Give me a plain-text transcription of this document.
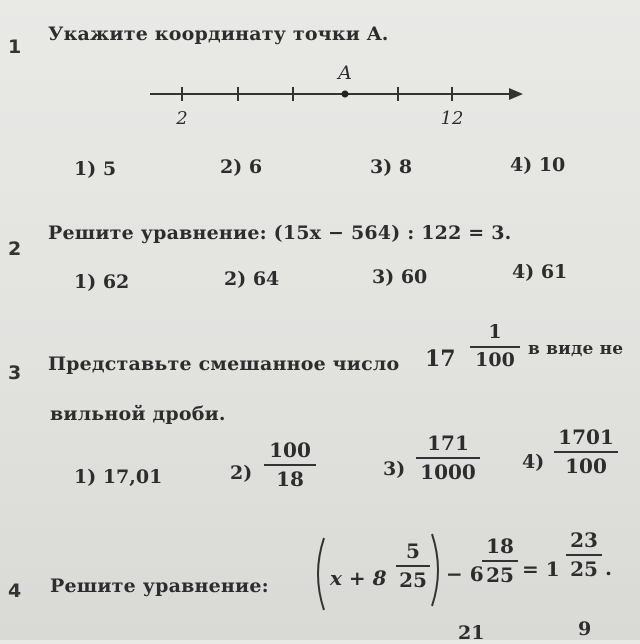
1
Укажите координату точки A.
A
2	12
1) 5	2) 6	3) 8	4) 10
2
Решите уравнение: (15x − 564) : 122 = 3.
1) 62	2) 64	3) 60	4) 61
3 Представьте смешанное число 17
1
100 в виде не
вильной дроби.
1) 17,01	2)
100
18	3)
171
1000 4)
1701
100
4 Решите уравнение:	x + 8
5
25 − 6
18
25 = 1
23
25 .
21	9
